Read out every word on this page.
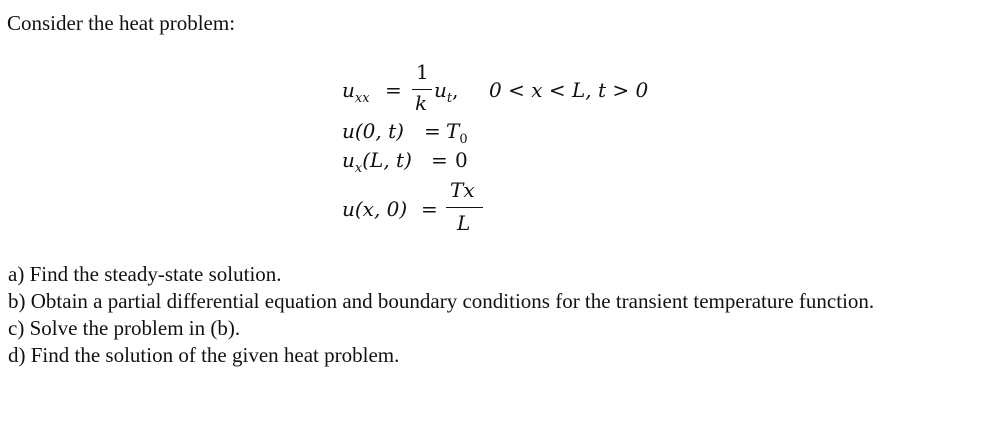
Consider the heat problem:

$u_{xx}$ =
1
k
$u_t$, 0 < x < L, t > 0
u(0, $t) = T_0$
$u_x(L$, t) = 0
u(x, 0) =
Tx
L
a) Find the steady-state solution.
b) Obtain a partial differential equation and boundary conditions for the transient temperature function.
c) Solve the problem in (b).
d) Find the solution of the given heat problem.
